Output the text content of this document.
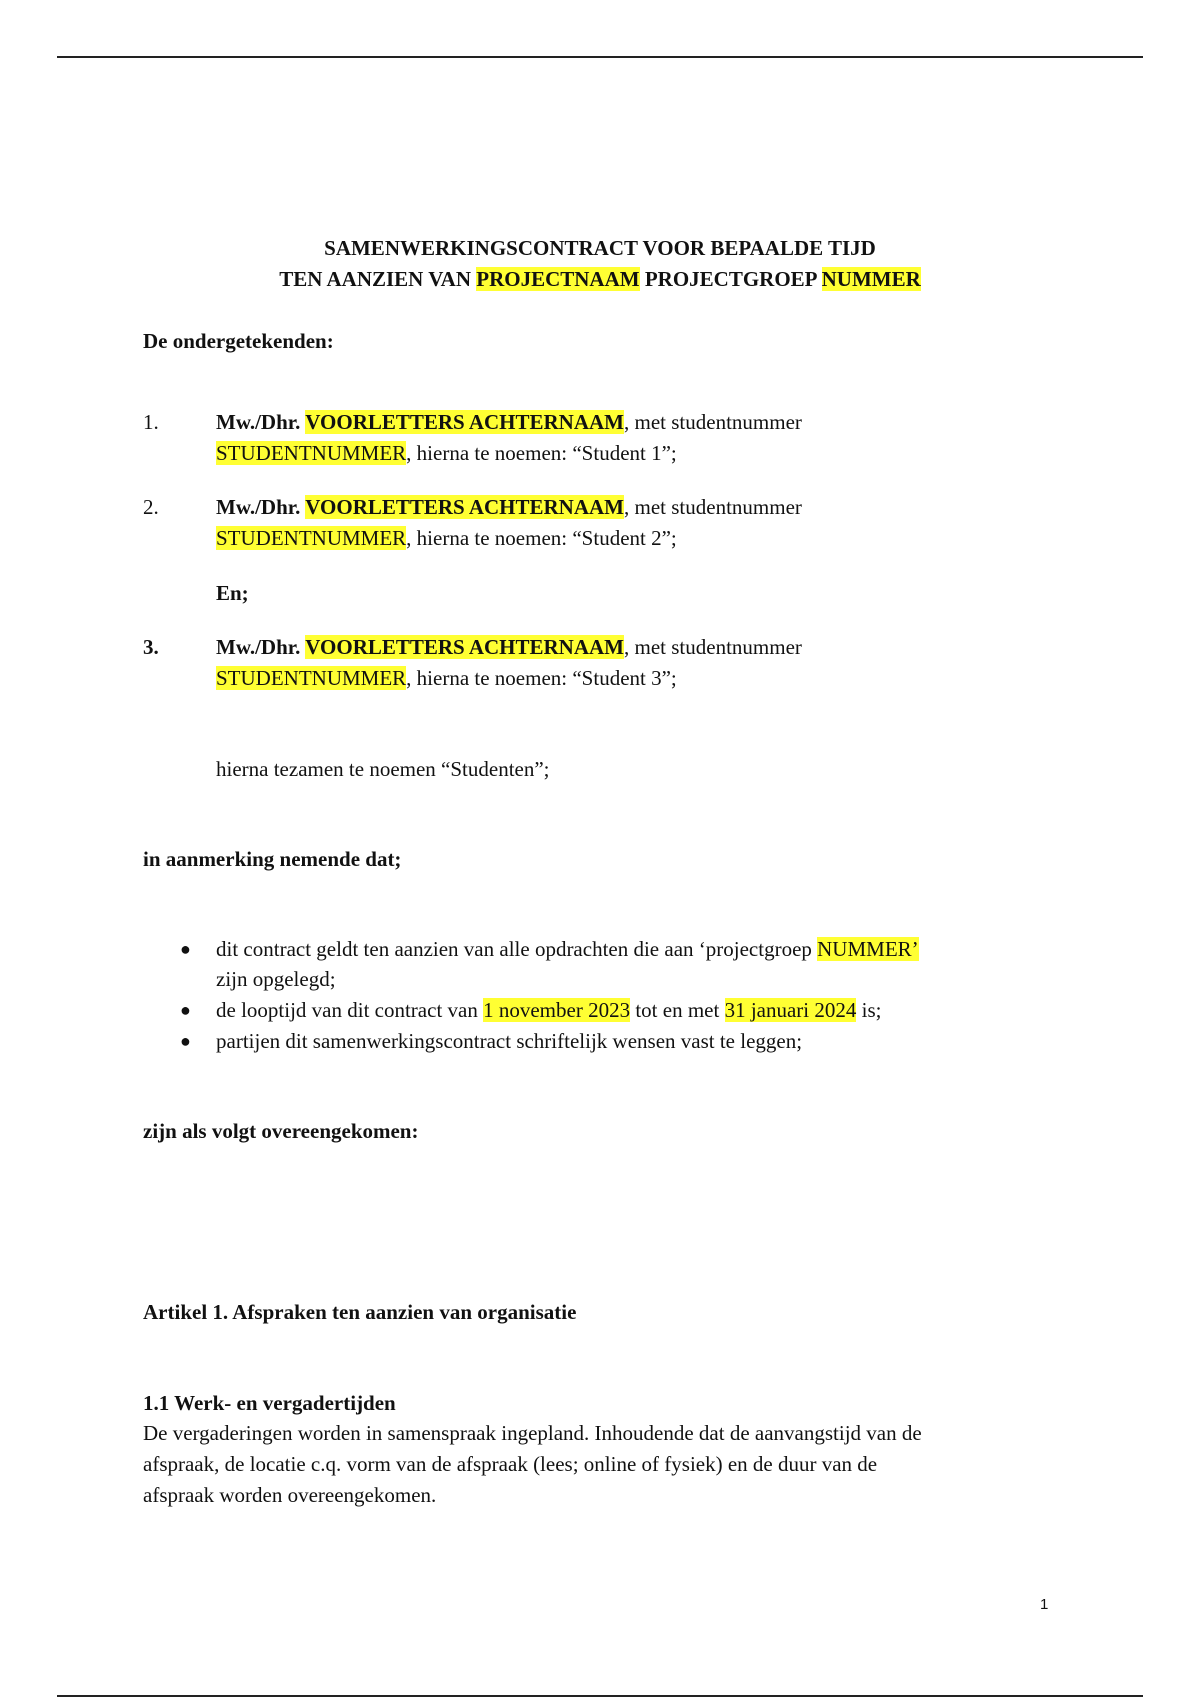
SAMENWERKINGSCONTRACT VOOR BEPAALDE TIJD
TEN AANZIEN VAN PROJECTNAAM PROJECTGROEP NUMMER
De ondergetekenden:
1.	Mw./Dhr. VOORLETTERS ACHTERNAAM, met studentnummer
STUDENTNUMMER, hierna te noemen: “Student 1”;
2.	Mw./Dhr. VOORLETTERS ACHTERNAAM, met studentnummer
STUDENTNUMMER, hierna te noemen: “Student 2”;
En;
3.	Mw./Dhr. VOORLETTERS ACHTERNAAM, met studentnummer
STUDENTNUMMER, hierna te noemen: “Student 3”;
hierna tezamen te noemen “Studenten”;
in aanmerking nemende dat;
● dit contract geldt ten aanzien van alle opdrachten die aan ‘projectgroep NUMMER’
zijn opgelegd;
● de looptijd van dit contract van 1 november 2023 tot en met 31 januari 2024 is;
● partijen dit samenwerkingscontract schriftelijk wensen vast te leggen;
zijn als volgt overeengekomen:
Artikel 1. Afspraken ten aanzien van organisatie
1.1 Werk- en vergadertijden
De vergaderingen worden in samenspraak ingepland. Inhoudende dat de aanvangstijd van de
afspraak, de locatie c.q. vorm van de afspraak (lees; online of fysiek) en de duur van de
afspraak worden overeengekomen.
1
